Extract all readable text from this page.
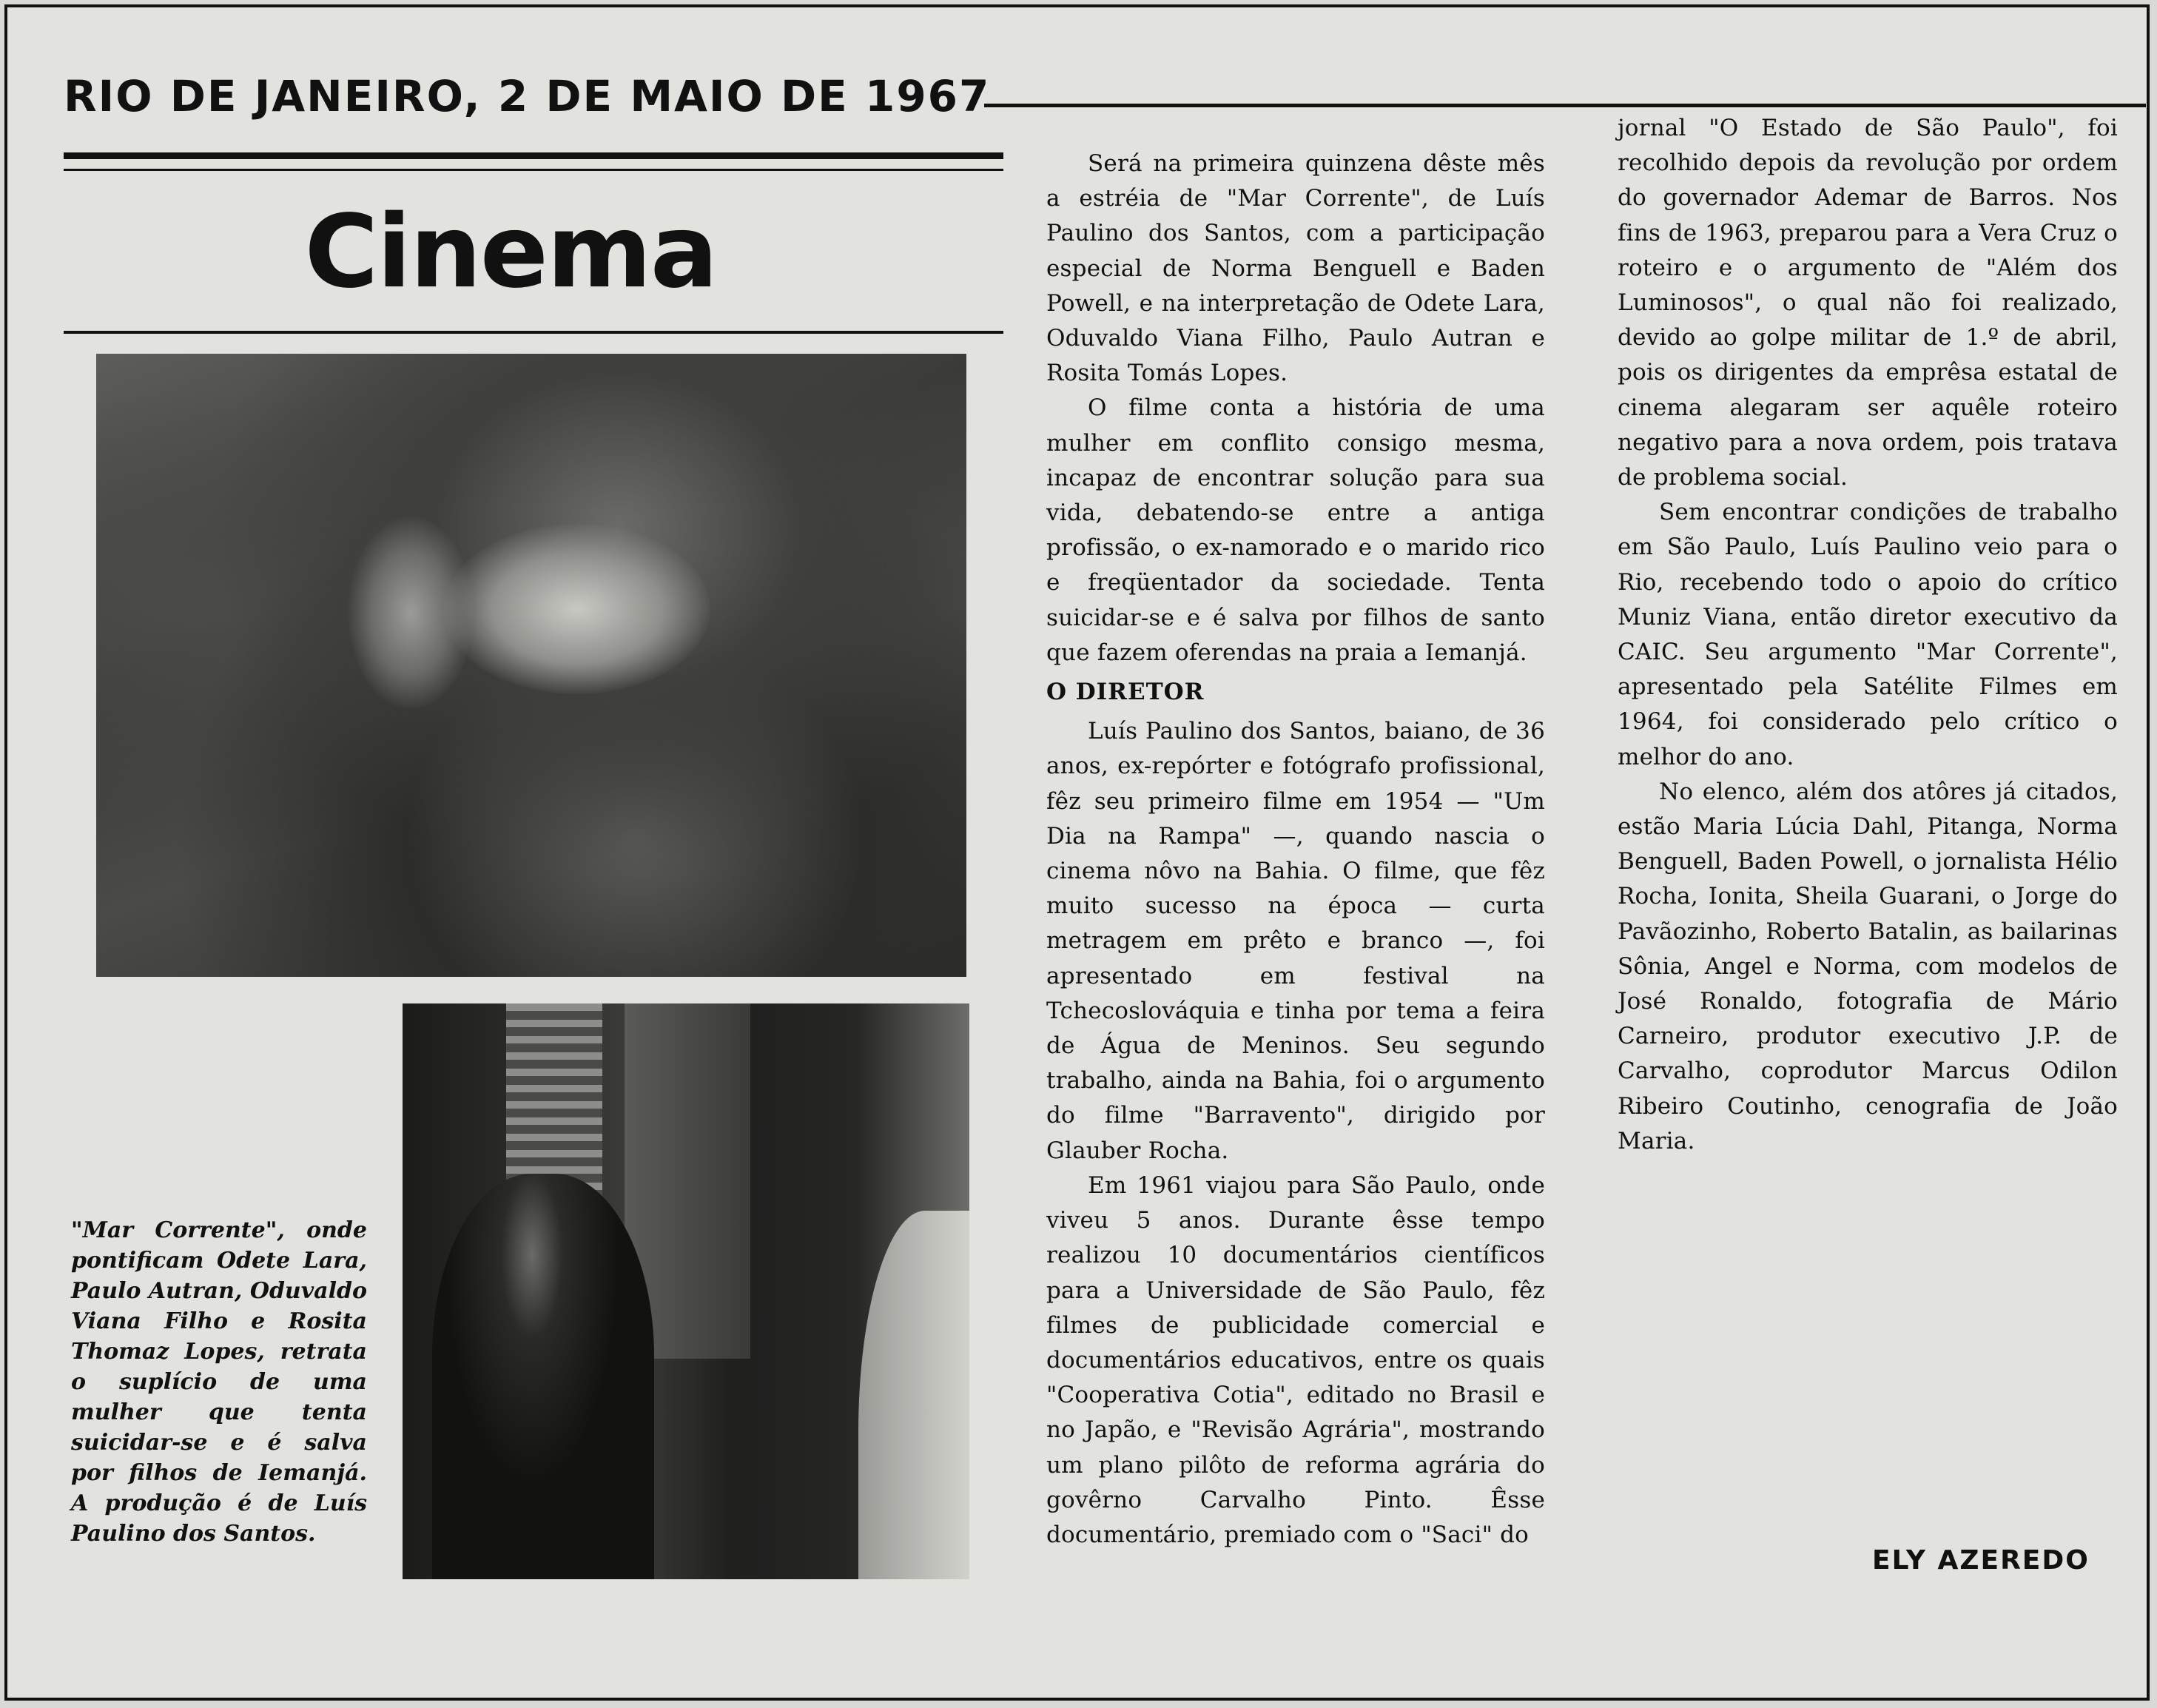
RIO DE JANEIRO, 2 DE MAIO DE 1967
Cinema
"Mar Corrente", onde pontificam Odete Lara, Paulo Autran, Oduvaldo Viana Filho e Rosita Thomaz Lopes, retrata o suplício de uma mulher que tenta suicidar-se e é salva por filhos de Iemanjá. A produção é de Luís Paulino dos Santos.

Será na primeira quinzena dêste mês a estréia de "Mar Corrente", de Luís Paulino dos Santos, com a participação especial de Norma Benguell e Baden Powell, e na interpretação de Odete Lara, Oduvaldo Viana Filho, Paulo Autran e Rosita Tomás Lopes.

O filme conta a história de uma mulher em conflito consigo mesma, incapaz de encontrar solução para sua vida, debatendo-se entre a antiga profissão, o ex-namorado e o marido rico e freqüentador da sociedade. Tenta suicidar-se e é salva por filhos de santo que fazem oferendas na praia a Iemanjá.

O DIRETOR

Luís Paulino dos Santos, baiano, de 36 anos, ex-repórter e fotógrafo profissional, fêz seu primeiro filme em 1954 — "Um Dia na Rampa" —, quando nascia o cinema nôvo na Bahia. O filme, que fêz muito sucesso na época — curta metragem em prêto e branco —, foi apresentado em festival na Tchecoslováquia e tinha por tema a feira de Água de Meninos. Seu segundo trabalho, ainda na Bahia, foi o argumento do filme "Barravento", dirigido por Glauber Rocha.

Em 1961 viajou para São Paulo, onde viveu 5 anos. Durante êsse tempo realizou 10 documentários científicos para a Universidade de São Paulo, fêz filmes de publicidade comercial e documentários educativos, entre os quais "Cooperativa Cotia", editado no Brasil e no Japão, e "Revisão Agrária", mostrando um plano pilôto de reforma agrária do govêrno Carvalho Pinto. Êsse documentário, premiado com o "Saci" do

jornal "O Estado de São Paulo", foi recolhido depois da revolução por ordem do governador Ademar de Barros. Nos fins de 1963, preparou para a Vera Cruz o roteiro e o argumento de "Além dos Luminosos", o qual não foi realizado, devido ao golpe militar de 1.º de abril, pois os dirigentes da emprêsa estatal de cinema alegaram ser aquêle roteiro negativo para a nova ordem, pois tratava de problema social.

Sem encontrar condições de trabalho em São Paulo, Luís Paulino veio para o Rio, recebendo todo o apoio do crítico Muniz Viana, então diretor executivo da CAIC. Seu argumento "Mar Corrente", apresentado pela Satélite Filmes em 1964, foi considerado pelo crítico o melhor do ano.

No elenco, além dos atôres já citados, estão Maria Lúcia Dahl, Pitanga, Norma Benguell, Baden Powell, o jornalista Hélio Rocha, Ionita, Sheila Guarani, o Jorge do Pavãozinho, Roberto Batalin, as bailarinas Sônia, Angel e Norma, com modelos de José Ronaldo, fotografia de Mário Carneiro, produtor executivo J.P. de Carvalho, coprodutor Marcus Odilon Ribeiro Coutinho, cenografia de João Maria.

ELY AZEREDO
